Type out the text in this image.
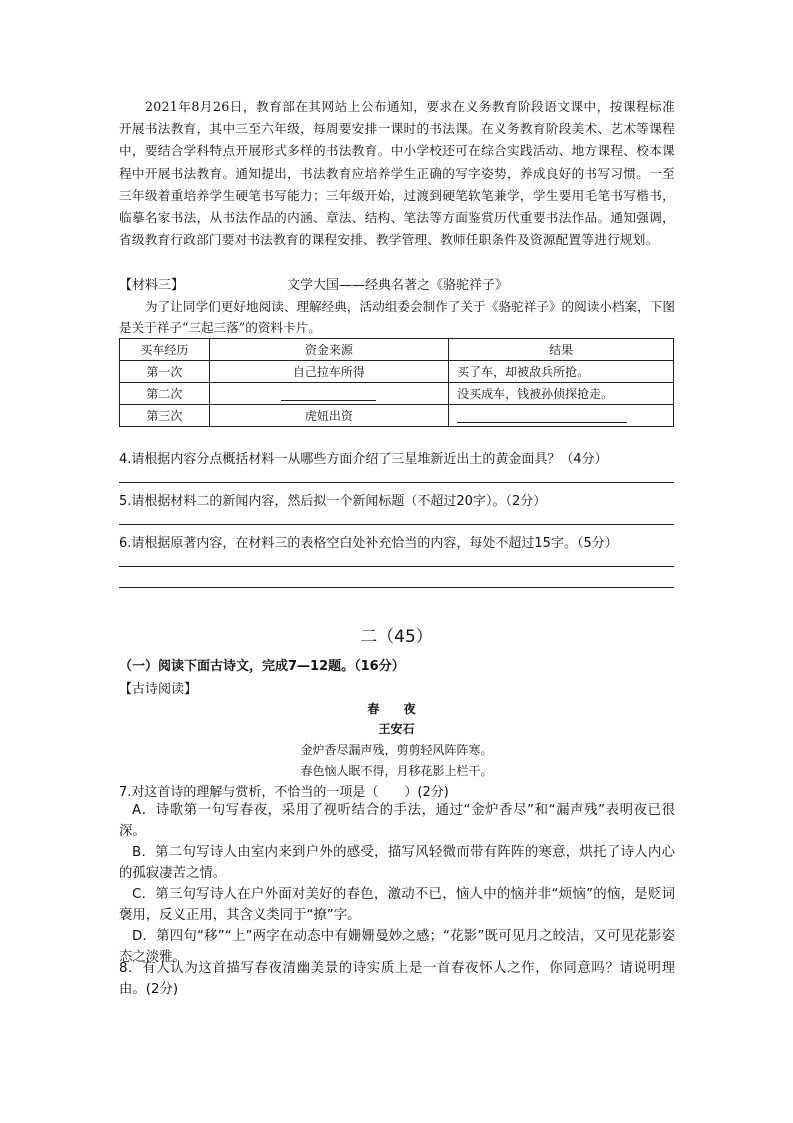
2021年8月26日，教育部在其网站上公布通知，要求在义务教育阶段语文课中，按课程标准开展书法教育，其中三至六年级，每周要安排一课时的书法课。在义务教育阶段美术、艺术等课程中，要结合学科特点开展形式多样的书法教育。中小学校还可在综合实践活动、地方课程、校本课程中开展书法教育。通知提出，书法教育应培养学生正确的写字姿势，养成良好的书写习惯。一至三年级着重培养学生硬笔书写能力；三年级开始，过渡到硬笔软笔兼学，学生要用毛笔书写楷书，临摹名家书法，从书法作品的内涵、章法、结构、笔法等方面鉴赏历代重要书法作品。通知强调，省级教育行政部门要对书法教育的课程安排、教学管理、教师任职条件及资源配置等进行规划。

【材料三】	文学大国——经典名著之《骆驼祥子》

为了让同学们更好地阅读、理解经典，活动组委会制作了关于《骆驼祥子》的阅读小档案，下图是关于祥子“三起三落”的资料卡片。

买车经历	资金来源	结果
第一次	自己拉车所得	买了车，却被敌兵所抢。
第二次		没买成车，钱被孙侦探抢走。
第三次	虎妞出资	
4.请根据内容分点概括材料一从哪些方面介绍了三星堆新近出土的黄金面具？（4分）
5.请根据材料二的新闻内容，然后拟一个新闻标题（不超过20字）。（2分）
6.请根据原著内容，在材料三的表格空白处补充恰当的内容，每处不超过15字。（5分）
二（45）
（一）阅读下面古诗文，完成7—12题。（16分）
【古诗阅读】
春 夜
王安石
金炉香尽漏声残，剪剪轻风阵阵寒。
春色恼人眠不得，月移花影上栏干。
7.对这首诗的理解与赏析，不恰当的一项是（　　）(2分)

A．诗歌第一句写春夜，采用了视听结合的手法，通过“金炉香尽”和“漏声残”表明夜已很深。

B．第二句写诗人由室内来到户外的感受，描写风轻微而带有阵阵的寒意，烘托了诗人内心的孤寂凄苦之情。

C．第三句写诗人在户外面对美好的春色，激动不已，恼人中的恼并非“烦恼”的恼，是贬词褒用，反义正用，其含义类同于“撩”字。

D．第四句“移”“上”两字在动态中有姗姗曼妙之感；“花影”既可见月之皎洁，又可见花影姿态之淡雅。

8．有人认为这首描写春夜清幽美景的诗实质上是一首春夜怀人之作，你同意吗？请说明理由。(2分)
